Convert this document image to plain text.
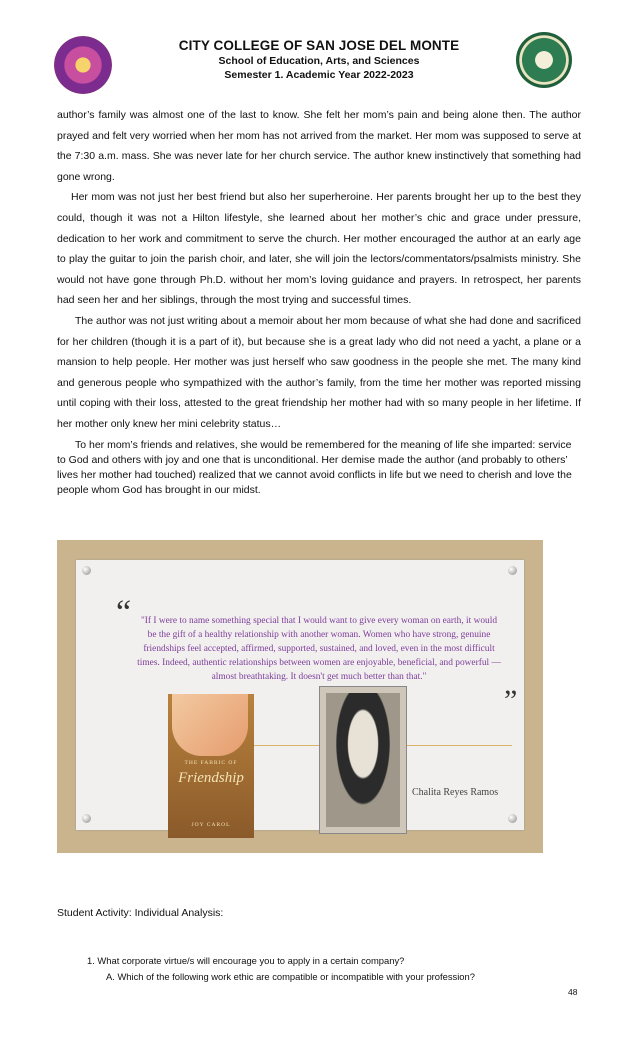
CITY COLLEGE OF SAN JOSE DEL MONTE
School of Education, Arts, and Sciences
Semester 1. Academic Year 2022-2023

author’s family was almost one of the last to know. She felt her mom’s pain and being alone then. The author prayed and felt very worried when her mom has not arrived from the market. Her mom was supposed to serve at the 7:30 a.m. mass. She was never late for her church service. The author knew instinctively that something had gone wrong.

Her mom was not just her best friend but also her superheroine. Her parents brought her up to the best they could, though it was not a Hilton lifestyle, she learned about her mother’s chic and grace under pressure, dedication to her work and commitment to serve the church. Her mother encouraged the author at an early age to play the guitar to join the parish choir, and later, she will join the lectors/commentators/psalmists ministry. She would not have gone through Ph.D. without her mom’s loving guidance and prayers. In retrospect, her parents had seen her and her siblings, through the most trying and successful times.

The author was not just writing about a memoir about her mom because of what she had done and sacrificed for her children (though it is a part of it), but because she is a great lady who did not need a yacht, a plane or a mansion to help people. Her mother was just herself who saw goodness in the people she met. The many kind and generous people who sympathized with the author’s family, from the time her mother was reported missing until coping with their loss, attested to the great friendship her mother had with so many people in her lifetime. If her mother only knew her mini celebrity status…

To her mom’s friends and relatives, she would be remembered for the meaning of life she imparted: service to God and others with joy and one that is unconditional. Her demise made the author (and probably to others’ lives her mother had touched) realized that we cannot avoid conflicts in life but we need to cherish and love the people whom God has brought in our midst.

“	"If I were to name something special that I would want to give every woman on earth, it would be the gift of a healthy relationship with another woman. Women who have strong, genuine friendships feel accepted, affirmed, supported, sustained, and loved, even in the most difficult times. Indeed, authentic relationships between women are enjoyable, beneficial, and powerful — almost breathtaking. It doesn't get much better than that."
”
THE FABRIC OF
Friendship
JOY CAROL
Chalita Reyes Ramos
Student Activity: Individual Analysis:
1. What corporate virtue/s will encourage you to apply in a certain company?
A. Which of the following work ethic are compatible or incompatible with your profession?
48
